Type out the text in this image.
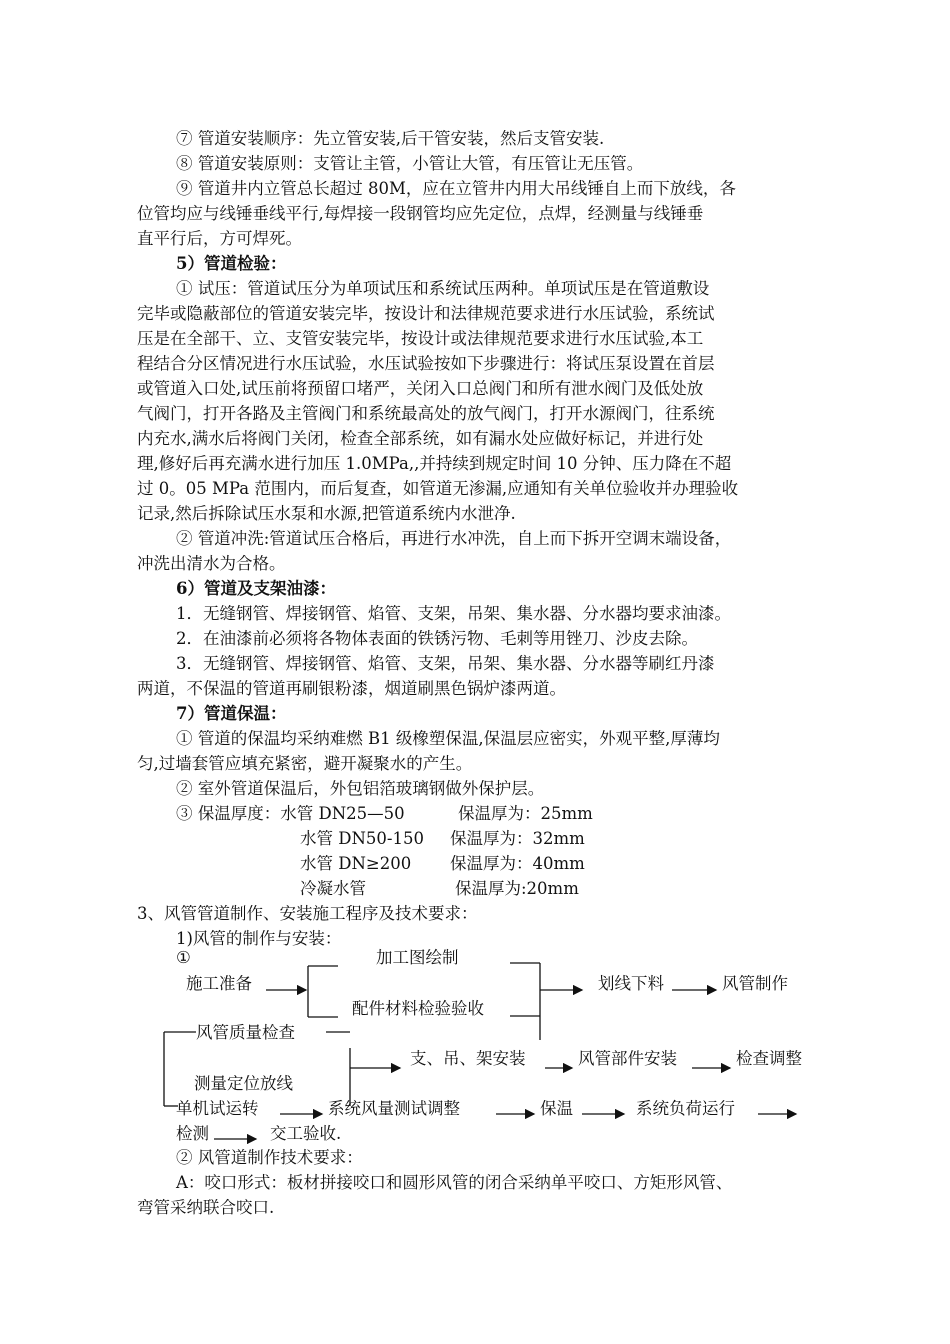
⑦ 管道安装顺序：先立管安装,后干管安装，然后支管安装.
⑧ 管道安装原则：支管让主管，小管让大管，有压管让无压管。
⑨ 管道井内立管总长超过 80M，应在立管井内用大吊线锤自上而下放线，各
位管均应与线锤垂线平行,每焊接一段钢管均应先定位，点焊，经测量与线锤垂
直平行后，方可焊死。
5）管道检验：
① 试压：管道试压分为单项试压和系统试压两种。单项试压是在管道敷设
完毕或隐蔽部位的管道安装完毕，按设计和法律规范要求进行水压试验，系统试
压是在全部干、立、支管安装完毕，按设计或法律规范要求进行水压试验,本工
程结合分区情况进行水压试验，水压试验按如下步骤进行：将试压泵设置在首层
或管道入口处,试压前将预留口堵严，关闭入口总阀门和所有泄水阀门及低处放
气阀门，打开各路及主管阀门和系统最高处的放气阀门，打开水源阀门，往系统
内充水,满水后将阀门关闭，检查全部系统，如有漏水处应做好标记，并进行处
理,修好后再充满水进行加压 1.0MPa,,并持续到规定时间 10 分钟、压力降在不超
过 0。05 MPa 范围内，而后复查，如管道无渗漏,应通知有关单位验收并办理验收
记录,然后拆除试压水泵和水源,把管道系统内水泄净.
② 管道冲洗:管道试压合格后，再进行水冲洗，自上而下拆开空调末端设备，
冲洗出清水为合格。
6）管道及支架油漆：
1．无缝钢管、焊接钢管、焰管、支架，吊架、集水器、分水器均要求油漆。
2．在油漆前必须将各物体表面的铁锈污物、毛刺等用锉刀、沙皮去除。
3．无缝钢管、焊接钢管、焰管、支架，吊架、集水器、分水器等刷红丹漆
两道，不保温的管道再刷银粉漆，烟道刷黑色锅炉漆两道。
7）管道保温：
① 管道的保温均采纳难燃 B1 级橡塑保温,保温层应密实，外观平整,厚薄均
匀,过墙套管应填充紧密，避开凝聚水的产生。
② 室外管道保温后，外包铝箔玻璃钢做外保护层。
③ 保温厚度：水管 DN25—50	保温厚为：25mm
水管 DN50-150 保温厚为：32mm
水管 DN≥200 保温厚为：40mm
冷凝水管	保温厚为:20mm
3、风管管道制作、安装施工程序及技术要求：
1)风管的制作与安装：
①	加工图绘制
施工准备	划线下料	风管制作
配件材料检验验收
风管质量检查
支、吊、架安装	风管部件安装	检查调整
测量定位放线
单机试运转	系统风量测试调整	保温	系统负荷运行
检测	交工验收.
② 风管道制作技术要求：
A：咬口形式：板材拼接咬口和圆形风管的闭合采纳单平咬口、方矩形风管、
弯管采纳联合咬口.
